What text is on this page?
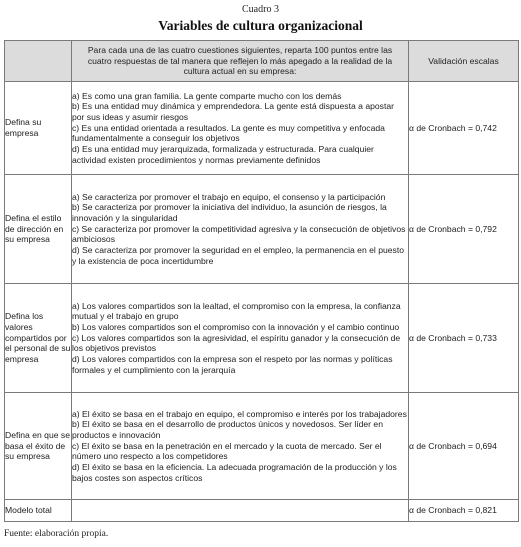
Cuadro 3
Variables de cultura organizacional
	Para cada una de las cuatro cuestiones siguientes, reparta 100 puntos entre las cuatro respuestas de tal manera que reflejen lo más apegado a la realidad de la cultura actual en su empresa:	Validación escalas
Defina su empresa	a) Es como una gran familia. La gente comparte mucho con los demás
b) Es una entidad muy dinámica y emprendedora. La gente está dispuesta a apostar por sus ideas y asumir riesgos
c) Es una entidad orientada a resultados. La gente es muy competitiva y enfocada fundamentalmente a conseguir los objetivos
d) Es una entidad muy jerarquizada, formalizada y estructurada. Para cualquier actividad existen procedimientos y normas previamente definidos	α de Cronbach = 0,742
Defina el estilo de dirección en su empresa	a) Se caracteriza por promover el trabajo en equipo, el consenso y la participación
b) Se caracteriza por promover la iniciativa del individuo, la asunción de riesgos, la innovación y la singularidad
c) Se caracteriza por promover la competitividad agresiva y la consecución de objetivos ambiciosos
d) Se caracteriza por promover la seguridad en el empleo, la permanencia en el puesto y la existencia de poca incertidumbre	α de Cronbach = 0,792
Defina los valores compartidos por el personal de su empresa	a) Los valores compartidos son la lealtad, el compromiso con la empresa, la confianza mutual y el trabajo en grupo
b) Los valores compartidos son el compromiso con la innovación y el cambio continuo
c) Los valores compartidos son la agresividad, el espíritu ganador y la consecución de los objetivos previstos
d) Los valores compartidos con la empresa son el respeto por las normas y políticas formales y el cumplimiento con la jerarquía	α de Cronbach = 0,733
Defina en que se basa el éxito de su empresa	a) El éxito se basa en el trabajo en equipo, el compromiso e interés por los trabajadores
b) El éxito se basa en el desarrollo de productos únicos y novedosos. Ser líder en productos e innovación
c) El éxito se basa en la penetración en el mercado y la cuota de mercado. Ser el número uno respecto a los competidores
d) El éxito se basa en la eficiencia. La adecuada programación de la producción y los bajos costes son aspectos críticos	α de Cronbach = 0,694
Modelo total		α de Cronbach = 0,821
Fuente: elaboración propia.
